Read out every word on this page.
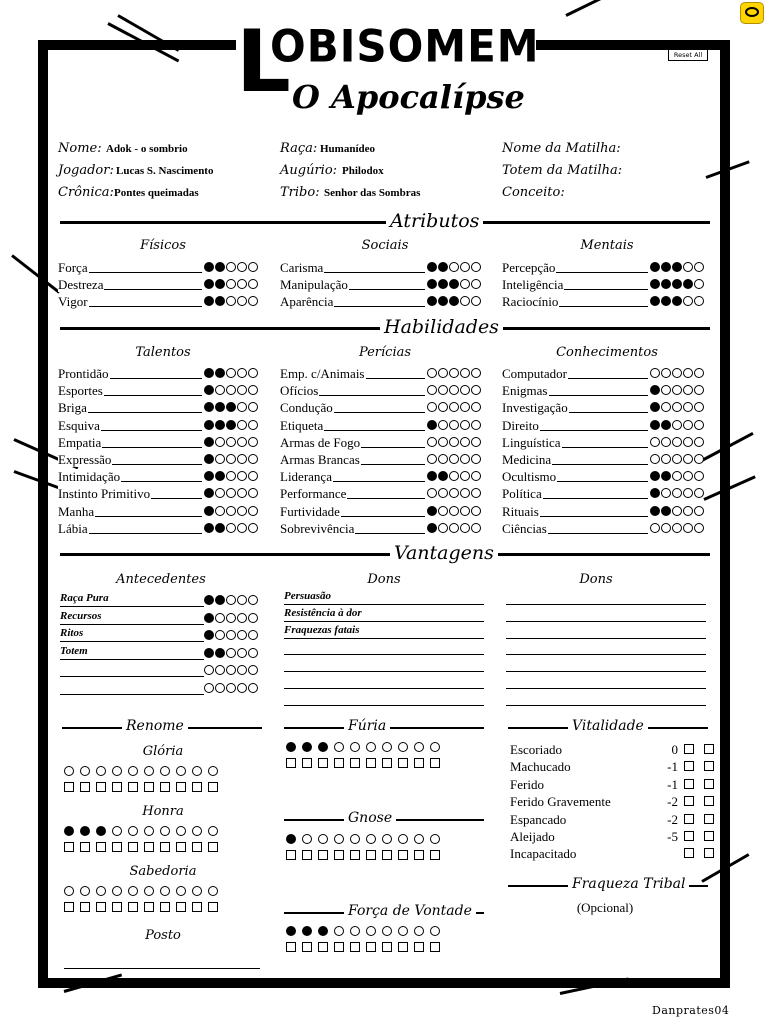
L
OBISOMEM
O Apocalípse
Reset All
Atributos
Habilidades
Vantagens
Danprates04
Nome: Adok - o sombrio
Jogador: Lucas S. Nascimento
Crônica: Pontes queimadas
Raça: Humanídeo
Augúrio: Philodox
Tribo: Senhor das Sombras
Nome da Matilha:
Totem da Matilha:
Conceito:
Físicos
Força
Destreza
Vigor
Sociais
Carisma
Manipulação
Aparência
Mentais
Percepção
Inteligência
Raciocínio
Talentos
Prontidão
Esportes
Briga
Esquiva
Empatia
Expressão
Intimidação
Instinto Primitivo
Manha
Lábia
Perícias
Emp. c/Animais
Ofícios
Condução
Etiqueta
Armas de Fogo
Armas Brancas
Liderança
Performance
Furtividade
Sobrevivência
Conhecimentos
Computador
Enigmas
Investigação
Direito
Linguística
Medicina
Ocultismo
Política
Rituais
Ciências
Antecedentes
Raça Pura
Recursos
Ritos
Totem
Dons
Persuasão
Resistência à dor
Fraquezas fatais
Dons
Renome	Fúria	Vitalidade
Gnose
Força de Vontade
Fraqueza Tribal
Glória
Honra
Sabedoria
Posto
Escoriado	0
Machucado	-1
Ferido	-1
Ferido Gravemente	-2
Espancado	-2
Aleijado	-5
Incapacitado
(Opcional)
